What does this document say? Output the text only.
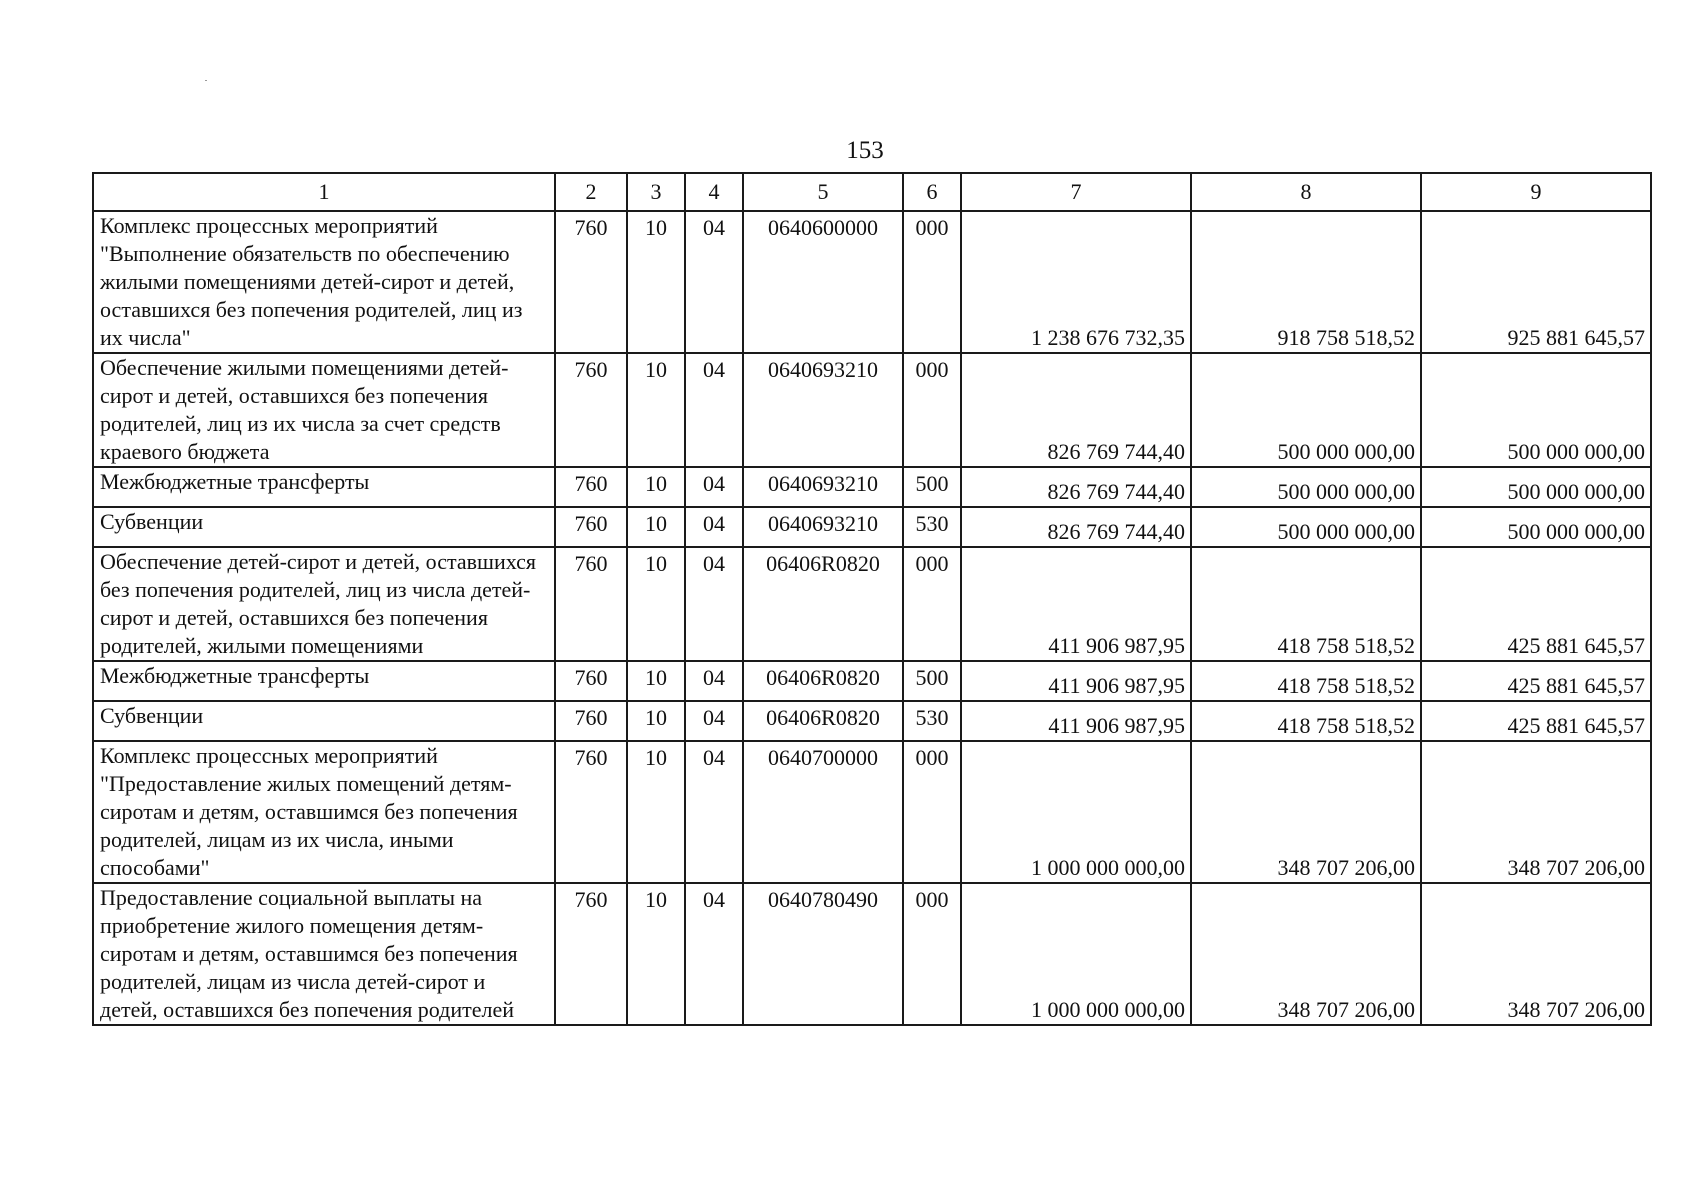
153
1	2	3	4	5	6	7	8	9
Комплекс процессных мероприятий "Выполнение обязательств по обеспечению жилыми помещениями детей-сирот и детей, оставшихся без попечения родителей, лиц из их числа"	760	10	04	0640600000	000	1 238 676 732,35	918 758 518,52	925 881 645,57
Обеспечение жилыми помещениями детей-сирот и детей, оставшихся без попечения родителей, лиц из их числа за счет средств краевого бюджета	760	10	04	0640693210	000	826 769 744,40	500 000 000,00	500 000 000,00
Межбюджетные трансферты	760	10	04	0640693210	500	826 769 744,40	500 000 000,00	500 000 000,00
Субвенции	760	10	04	0640693210	530	826 769 744,40	500 000 000,00	500 000 000,00
Обеспечение детей-сирот и детей, оставшихся без попечения родителей, лиц из числа детей-сирот и детей, оставшихся без попечения родителей, жилыми помещениями	760	10	04	06406R0820	000	411 906 987,95	418 758 518,52	425 881 645,57
Межбюджетные трансферты	760	10	04	06406R0820	500	411 906 987,95	418 758 518,52	425 881 645,57
Субвенции	760	10	04	06406R0820	530	411 906 987,95	418 758 518,52	425 881 645,57
Комплекс процессных мероприятий "Предоставление жилых помещений детям-сиротам и детям, оставшимся без попечения родителей, лицам из их числа, иными способами"	760	10	04	0640700000	000	1 000 000 000,00	348 707 206,00	348 707 206,00
Предоставление социальной выплаты на приобретение жилого помещения детям-сиротам и детям, оставшимся без попечения родителей, лицам из числа детей-сирот и детей, оставшихся без попечения родителей	760	10	04	0640780490	000	1 000 000 000,00	348 707 206,00	348 707 206,00
